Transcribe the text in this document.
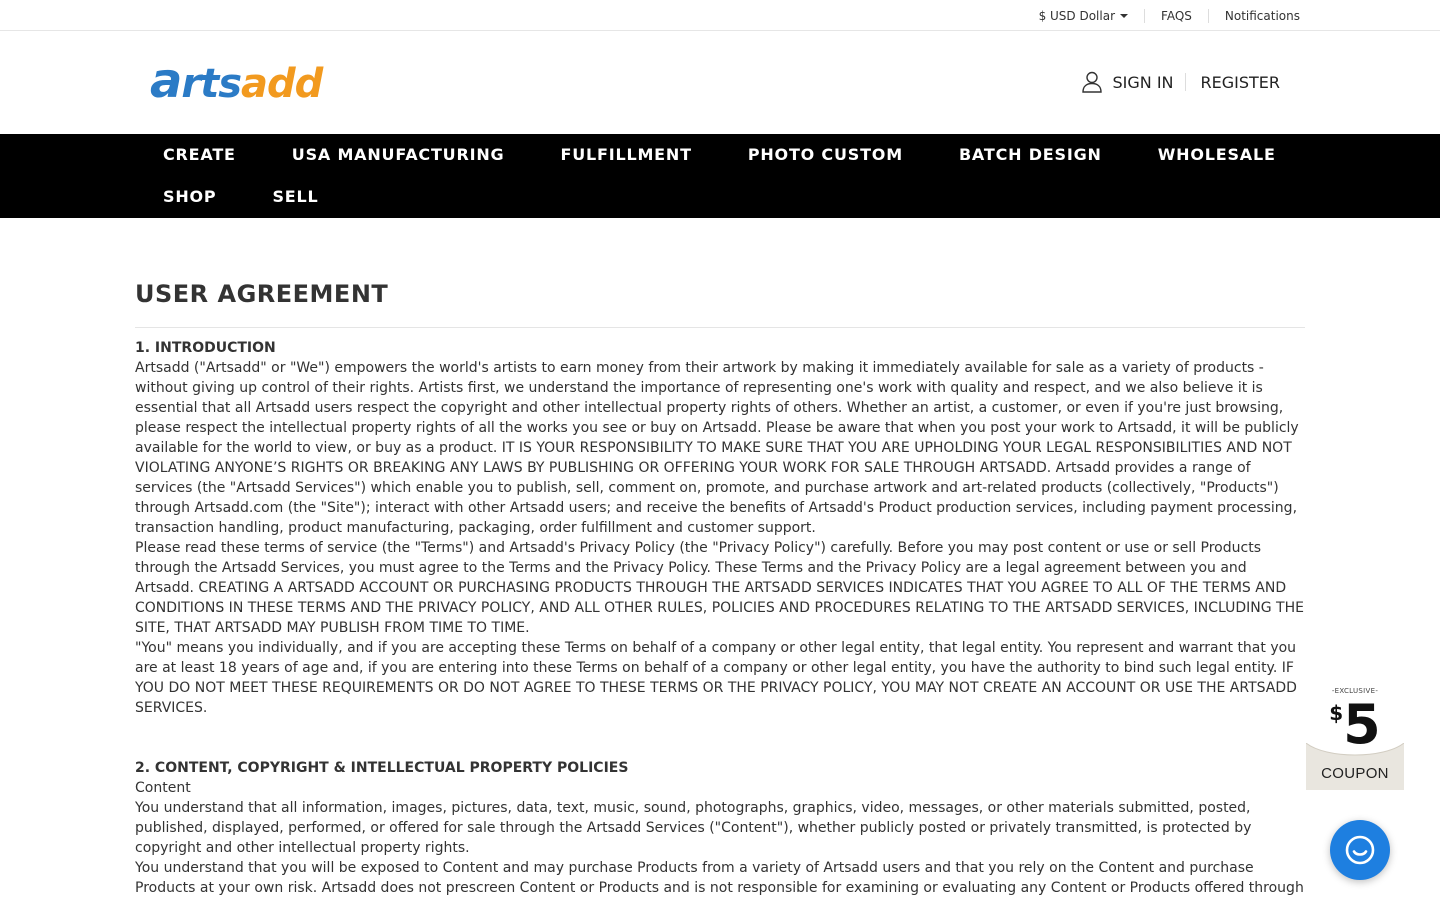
$ USD Dollar	FAQS	Notifications
artsadd	SIGN IN REGISTER
CREATE	USA MANUFACTURING	FULFILLMENT	PHOTO CUSTOM	BATCH DESIGN	WHOLESALE
SHOP	SELL
USER AGREEMENT
1. INTRODUCTION

Artsadd ("Artsadd" or "We") empowers the world's artists to earn money from their artwork by making it immediately available for sale as a variety of products - without giving up control of their rights. Artists first, we understand the importance of representing one's work with quality and respect, and we also believe it is essential that all Artsadd users respect the copyright and other intellectual property rights of others. Whether an artist, a customer, or even if you're just browsing, please respect the intellectual property rights of all the works you see or buy on Artsadd. Please be aware that when you post your work to Artsadd, it will be publicly available for the world to view, or buy as a product. IT IS YOUR RESPONSIBILITY TO MAKE SURE THAT YOU ARE UPHOLDING YOUR LEGAL RESPONSIBILITIES AND NOT VIOLATING ANYONE’S RIGHTS OR BREAKING ANY LAWS BY PUBLISHING OR OFFERING YOUR WORK FOR SALE THROUGH ARTSADD. Artsadd provides a range of services (the "Artsadd Services") which enable you to publish, sell, comment on, promote, and purchase artwork and art-related products (collectively, "Products") through Artsadd.com (the "Site"); interact with other Artsadd users; and receive the benefits of Artsadd's Product production services, including payment processing, transaction handling, product manufacturing, packaging, order fulfillment and customer support.

Please read these terms of service (the "Terms") and Artsadd's Privacy Policy (the "Privacy Policy") carefully. Before you may post content or use or sell Products through the Artsadd Services, you must agree to the Terms and the Privacy Policy. These Terms and the Privacy Policy are a legal agreement between you and Artsadd. CREATING A ARTSADD ACCOUNT OR PURCHASING PRODUCTS THROUGH THE ARTSADD SERVICES INDICATES THAT YOU AGREE TO ALL OF THE TERMS AND CONDITIONS IN THESE TERMS AND THE PRIVACY POLICY, AND ALL OTHER RULES, POLICIES AND PROCEDURES RELATING TO THE ARTSADD SERVICES, INCLUDING THE SITE, THAT ARTSADD MAY PUBLISH FROM TIME TO TIME.

"You" means you individually, and if you are accepting these Terms on behalf of a company or other legal entity, that legal entity. You represent and warrant that you are at least 18 years of age and, if you are entering into these Terms on behalf of a company or other legal entity, you have the authority to bind such legal entity. IF YOU DO NOT MEET THESE REQUIREMENTS OR DO NOT AGREE TO THESE TERMS OR THE PRIVACY POLICY, YOU MAY NOT CREATE AN ACCOUNT OR USE THE ARTSADD SERVICES.

2. CONTENT, COPYRIGHT & INTELLECTUAL PROPERTY POLICIES

Content

You understand that all information, images, pictures, data, text, music, sound, photographs, graphics, video, messages, or other materials submitted, posted, published, displayed, performed, or offered for sale through the Artsadd Services ("Content"), whether publicly posted or privately transmitted, is protected by copyright and other intellectual property rights.

You understand that you will be exposed to Content and may purchase Products from a variety of Artsadd users and that you rely on the Content and purchase Products at your own risk. Artsadd does not prescreen Content or Products and is not responsible for examining or evaluating any Content or Products offered through

-EXCLUSIVE-
$5
COUPON
